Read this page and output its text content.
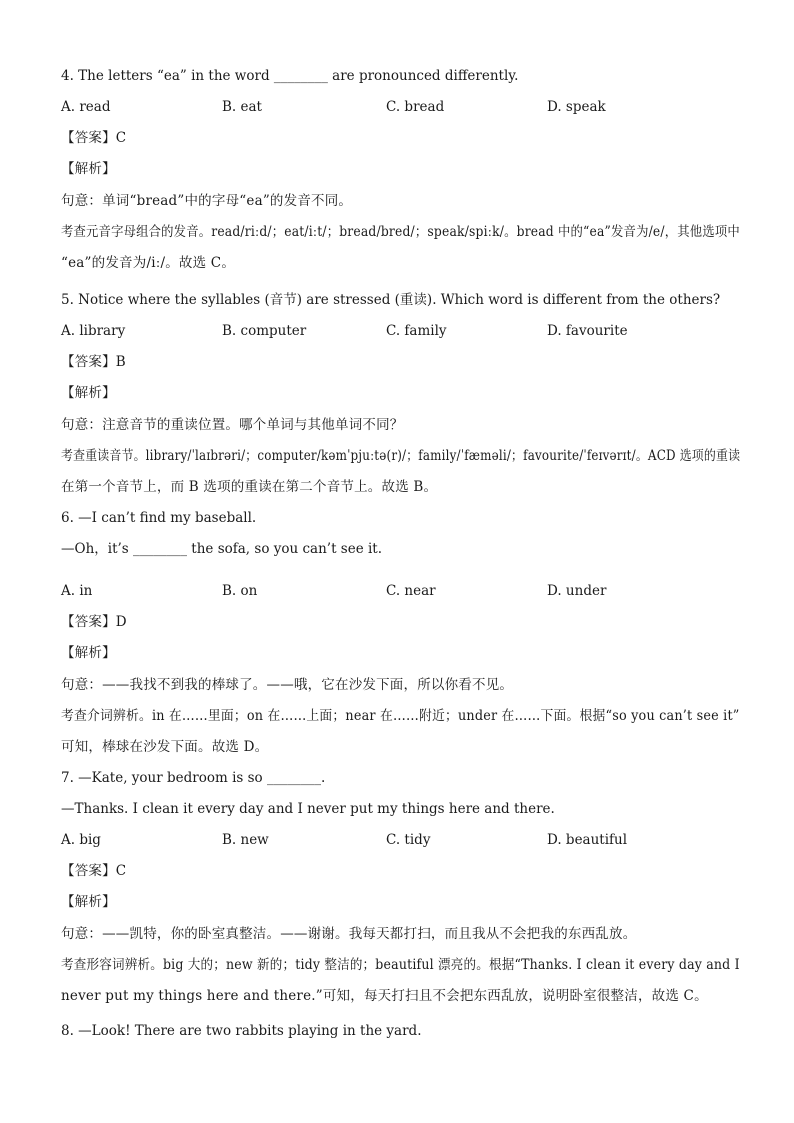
4. The letters “ea” in the word ________ are pronounced differently.
A. read	B. eat	C. bread	D. speak
【答案】C
【解析】
句意：单词“bread”中的字母“ea”的发音不同。
考查元音字母组合的发音。read/riːd/；eat/iːt/；bread/bred/；speak/spiːk/。bread 中的“ea”发音为/e/，其他选项中
“ea”的发音为/iː/。故选 C。
5. Notice where the syllables (音节) are stressed (重读). Which word is different from the others?
A. library	B. computer	C. family	D. favourite
【答案】B
【解析】
句意：注意音节的重读位置。哪个单词与其他单词不同？
考查重读音节。library/ˈlaɪbrəri/；computer/kəmˈpjuːtə(r)/；family/ˈfæməli/；favourite/ˈfeɪvərɪt/。ACD 选项的重读
在第一个音节上，而 B 选项的重读在第二个音节上。故选 B。
6. —I can’t find my baseball.
—Oh，it’s ________ the sofa, so you can’t see it.
A. in	B. on	C. near	D. under
【答案】D
【解析】
句意：——我找不到我的棒球了。——哦，它在沙发下面，所以你看不见。
考查介词辨析。in 在……里面；on 在……上面；near 在……附近；under 在……下面。根据“so you can’t see it”
可知，棒球在沙发下面。故选 D。
7. —Kate, your bedroom is so ________.
—Thanks. I clean it every day and I never put my things here and there.
A. big	B. new	C. tidy	D. beautiful
【答案】C
【解析】
句意：——凯特，你的卧室真整洁。——谢谢。我每天都打扫，而且我从不会把我的东西乱放。
考查形容词辨析。big 大的；new 新的；tidy 整洁的；beautiful 漂亮的。根据“Thanks. I clean it every day and I
never put my things here and there.”可知，每天打扫且不会把东西乱放，说明卧室很整洁，故选 C。
8. —Look! There are two rabbits playing in the yard.
